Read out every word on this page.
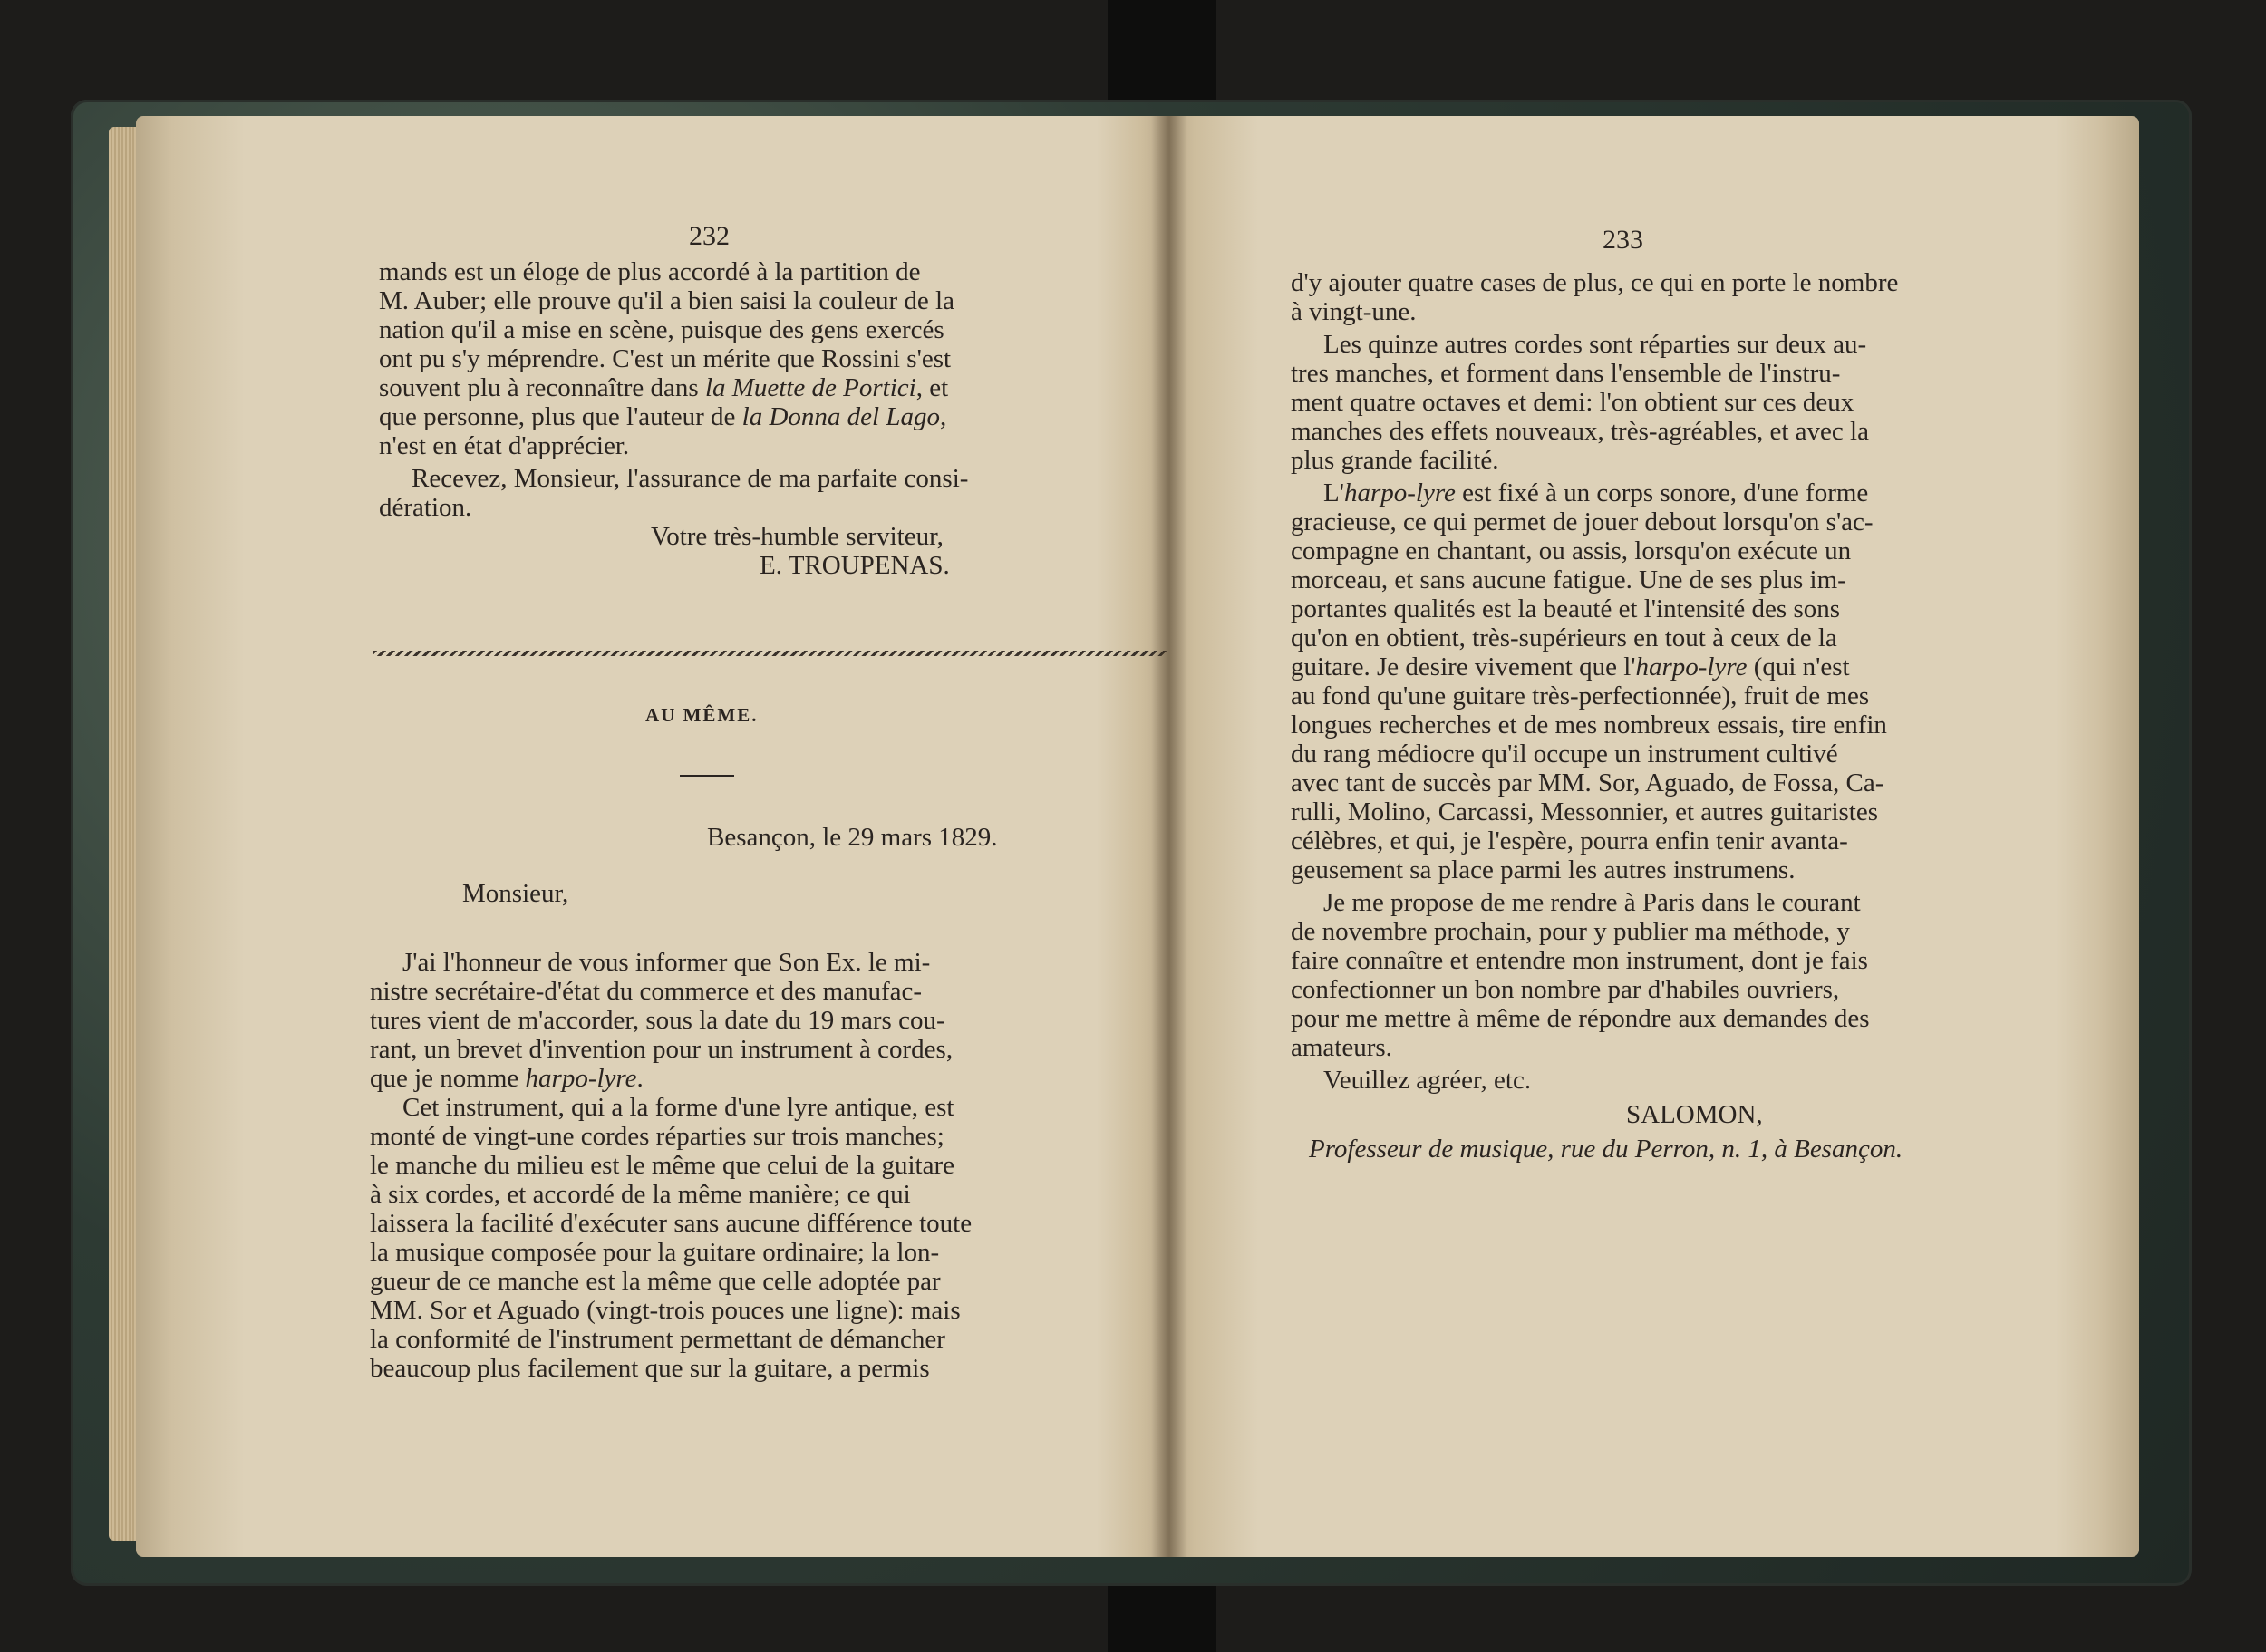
232
mands est un éloge de plus accordé à la partition de
M. Auber; elle prouve qu'il a bien saisi la couleur de la
nation qu'il a mise en scène, puisque des gens exercés
ont pu s'y méprendre. C'est un mérite que Rossini s'est
souvent plu à reconnaître dans la Muette de Portici, et
que personne, plus que l'auteur de la Donna del Lago,
n'est en état d'apprécier.
Recevez, Monsieur, l'assurance de ma parfaite consi-
dération.
Votre très-humble serviteur,
E. TROUPENAS.
AU MÊME.
Besançon, le 29 mars 1829.
Monsieur,
J'ai l'honneur de vous informer que Son Ex. le mi-
nistre secrétaire-d'état du commerce et des manufac-
tures vient de m'accorder, sous la date du 19 mars cou-
rant, un brevet d'invention pour un instrument à cordes,
que je nomme harpo-lyre.
Cet instrument, qui a la forme d'une lyre antique, est
monté de vingt-une cordes réparties sur trois manches;
le manche du milieu est le même que celui de la guitare
à six cordes, et accordé de la même manière; ce qui
laissera la facilité d'exécuter sans aucune différence toute
la musique composée pour la guitare ordinaire; la lon-
gueur de ce manche est la même que celle adoptée par
MM. Sor et Aguado (vingt-trois pouces une ligne): mais
la conformité de l'instrument permettant de démancher
beaucoup plus facilement que sur la guitare, a permis
233
d'y ajouter quatre cases de plus, ce qui en porte le nombre
à vingt-une.
Les quinze autres cordes sont réparties sur deux au-
tres manches, et forment dans l'ensemble de l'instru-
ment quatre octaves et demi: l'on obtient sur ces deux
manches des effets nouveaux, très-agréables, et avec la
plus grande facilité.
L'harpo-lyre est fixé à un corps sonore, d'une forme
gracieuse, ce qui permet de jouer debout lorsqu'on s'ac-
compagne en chantant, ou assis, lorsqu'on exécute un
morceau, et sans aucune fatigue. Une de ses plus im-
portantes qualités est la beauté et l'intensité des sons
qu'on en obtient, très-supérieurs en tout à ceux de la
guitare. Je desire vivement que l'harpo-lyre (qui n'est
au fond qu'une guitare très-perfectionnée), fruit de mes
longues recherches et de mes nombreux essais, tire enfin
du rang médiocre qu'il occupe un instrument cultivé
avec tant de succès par MM. Sor, Aguado, de Fossa, Ca-
rulli, Molino, Carcassi, Messonnier, et autres guitaristes
célèbres, et qui, je l'espère, pourra enfin tenir avanta-
geusement sa place parmi les autres instrumens.
Je me propose de me rendre à Paris dans le courant
de novembre prochain, pour y publier ma méthode, y
faire connaître et entendre mon instrument, dont je fais
confectionner un bon nombre par d'habiles ouvriers,
pour me mettre à même de répondre aux demandes des
amateurs.
Veuillez agréer, etc.
SALOMON,
Professeur de musique, rue du Perron, n. 1, à Besançon.
